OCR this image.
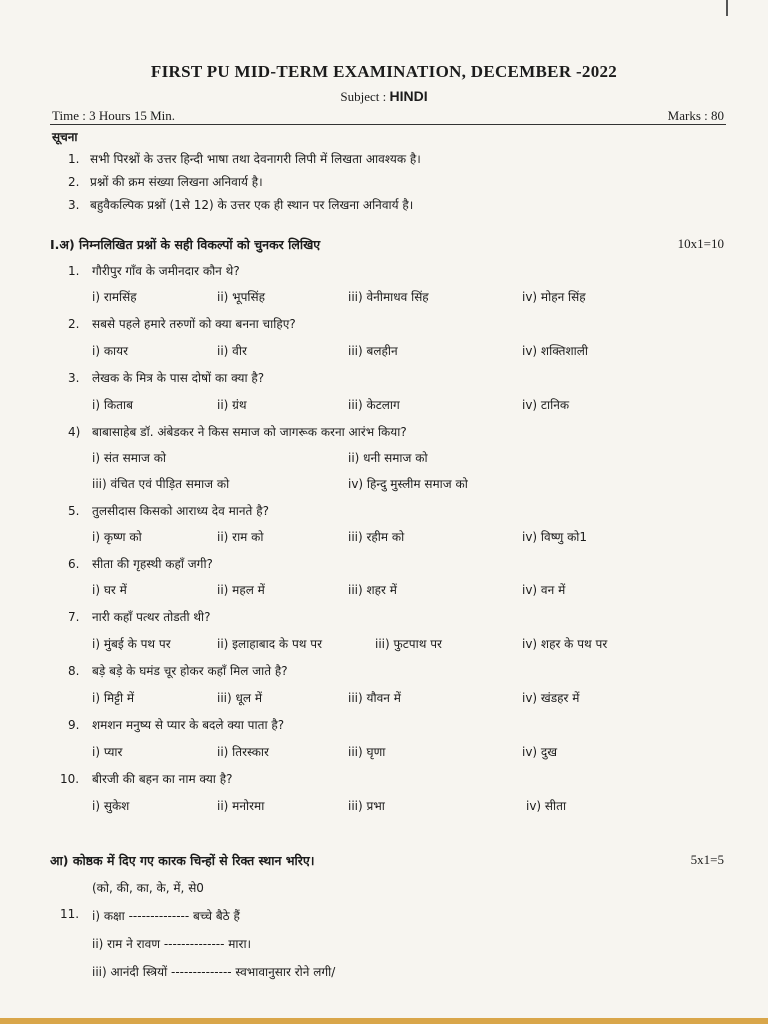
FIRST PU MID-TERM EXAMINATION, DECEMBER -2022
Subject : HINDI
Time : 3 Hours 15 Min.	Marks : 80
सूचना
1. सभी पिरश्नों के उत्तर हिन्दी भाषा तथा देवनागरी लिपी में लिखता आवश्यक है।
2. प्रश्नों की क्रम संख्या लिखना अनिवार्य है।
3. बहुवैकल्पिक प्रश्नों (1से 12) के उत्तर एक ही स्थान पर लिखना अनिवार्य है।
I.अ) निम्नलिखित प्रश्नों के सही विकल्पों को चुनकर लिखिए	10x1=10
1. गौरीपुर गाँव के जमीनदार कौन थे?
i) रामसिंह	ii) भूपसिंह	iii) वेनीमाधव सिंह	iv) मोहन सिंह
2. सबसे पहले हमारे तरुणों को क्या बनना चाहिए?
i) कायर	ii) वीर	iii) बलहीन	iv) शक्तिशाली
3. लेखक के मित्र के पास दोषों का क्या है?
i) किताब	ii) ग्रंथ	iii) केटलाग	iv) टानिक
4) बाबासाहेब डॉ. अंबेडकर ने किस समाज को जागरूक करना आरंभ किया?
i) संत समाज को	ii) धनी समाज को
iii) वंचित एवं पीड़ित समाज को	iv) हिन्दु मुस्लीम समाज को
5. तुलसीदास किसको आराध्य देव मानते है?
i) कृष्ण को	ii) राम को	iii) रहीम को	iv) विष्णु को1
6. सीता की गृहस्थी कहाँ जगी?
i) घर में	ii) महल में	iii) शहर में	iv) वन में
7. नारी कहाँ पत्थर तोडती थी?
i) मुंबई के पथ पर	ii) इलाहाबाद के पथ पर	iii) फुटपाथ पर	iv) शहर के पथ पर
8. बड़े बड़े के घमंड चूर होकर कहाँ मिल जाते है?
i) मिट्टी में	iii) धूल में	iii) यौवन में	iv) खंडहर में
9. शमशन मनुष्य से प्यार के बदले क्या पाता है?
i) प्यार	ii) तिरस्कार	iii) घृणा	iv) दुख
10. बीरजी की बहन का नाम क्या है?
i) सुकेश	ii) मनोरमा	iii) प्रभा	iv) सीता
आ) कोष्ठक में दिए गए कारक चिन्हों से रिक्त स्थान भरिए।	5x1=5
(को, की, का, के, में, से0
11. i) कक्षा -------------- बच्चे बैठे हैं
ii) राम ने रावण -------------- मारा।
iii) आनंदी स्त्रियों -------------- स्वभावानुसार रोने लगी/
